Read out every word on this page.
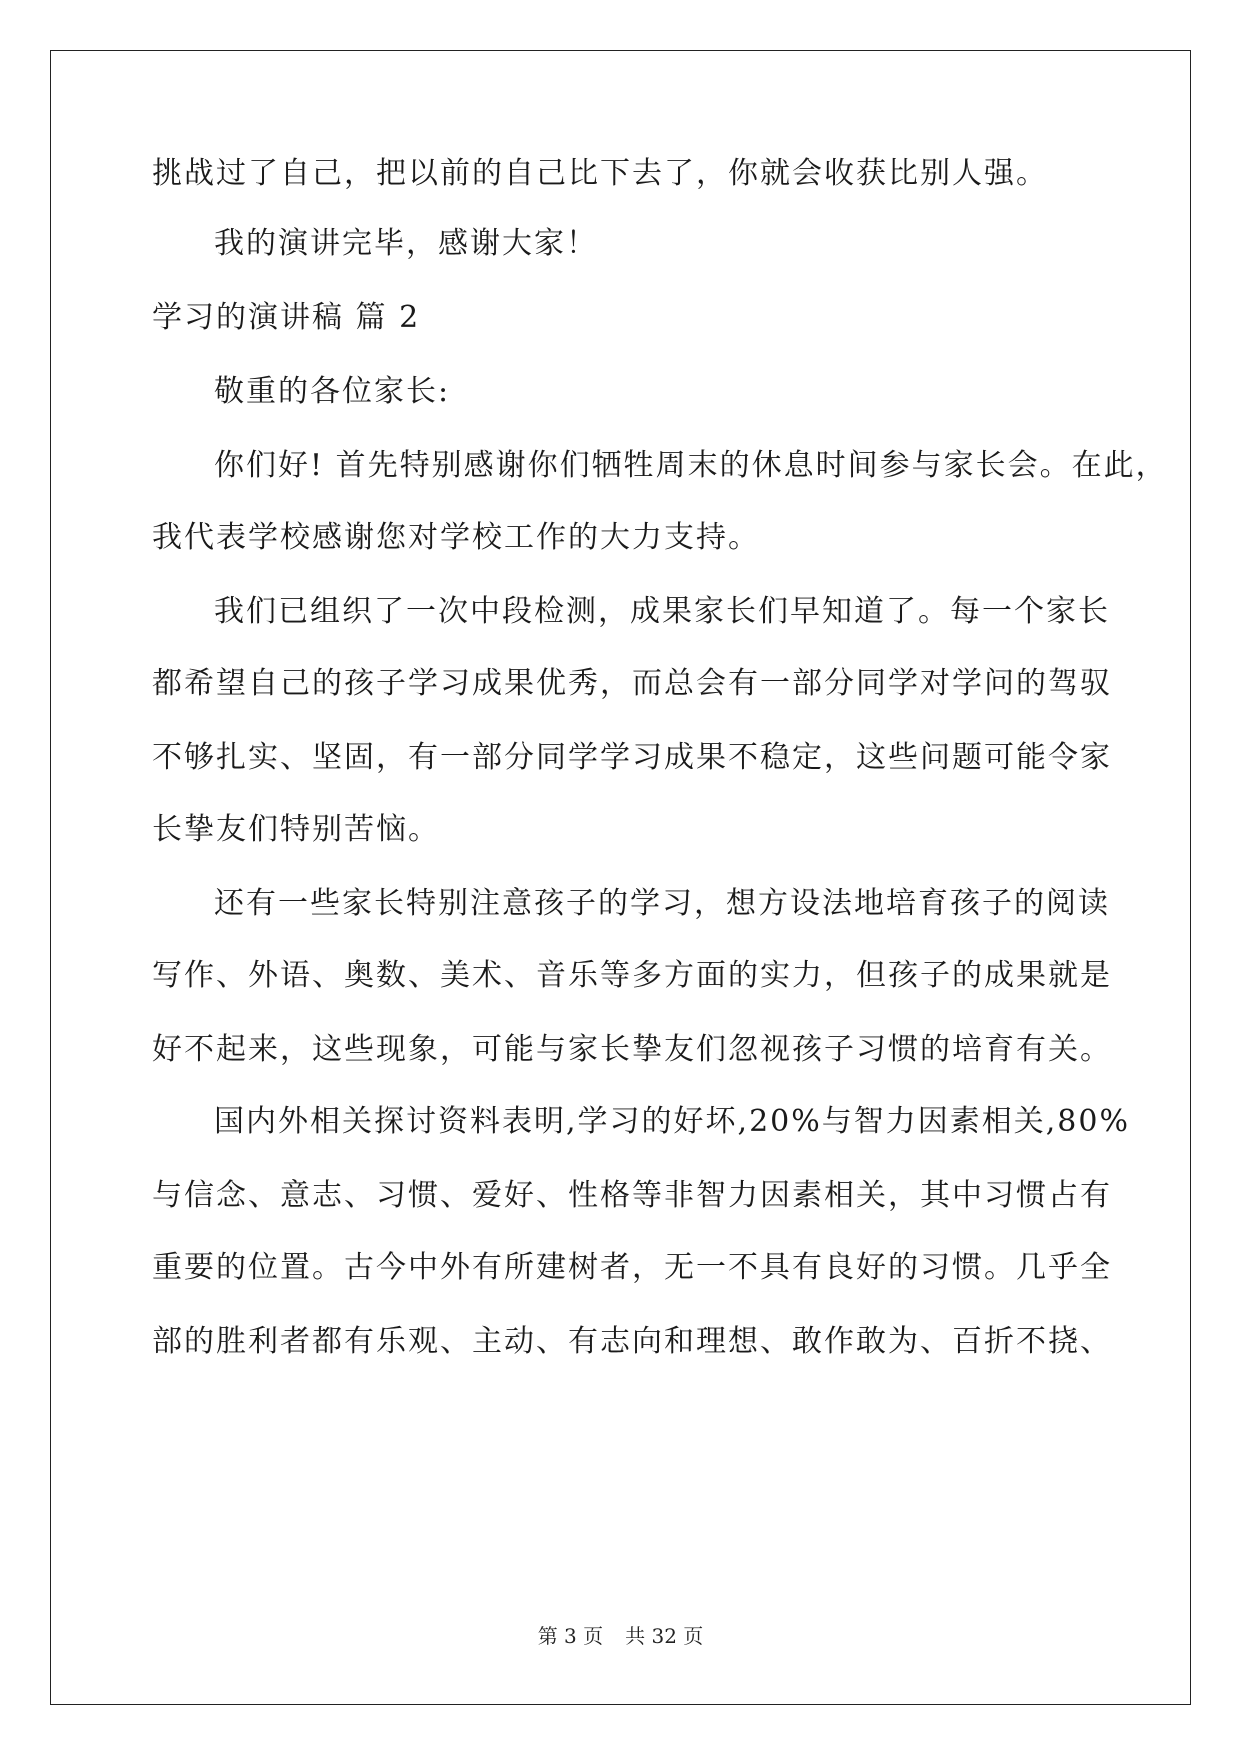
挑战过了自己，把以前的自己比下去了，你就会收获比别人强。
我的演讲完毕，感谢大家！
学习的演讲稿 篇 2
敬重的各位家长:
你们好! 首先特别感谢你们牺牲周末的休息时间参与家长会。在此，
我代表学校感谢您对学校工作的大力支持。
我们已组织了一次中段检测，成果家长们早知道了。每一个家长
都希望自己的孩子学习成果优秀，而总会有一部分同学对学问的驾驭
不够扎实、坚固，有一部分同学学习成果不稳定，这些问题可能令家
长挚友们特别苦恼。
还有一些家长特别注意孩子的学习，想方设法地培育孩子的阅读
写作、外语、奥数、美术、音乐等多方面的实力，但孩子的成果就是
好不起来，这些现象，可能与家长挚友们忽视孩子习惯的培育有关。
国内外相关探讨资料表明,学习的好坏,20%与智力因素相关,80%
与信念、意志、习惯、爱好、性格等非智力因素相关，其中习惯占有
重要的位置。古今中外有所建树者，无一不具有良好的习惯。几乎全
部的胜利者都有乐观、主动、有志向和理想、敢作敢为、百折不挠、
第 3 页 共 32 页
